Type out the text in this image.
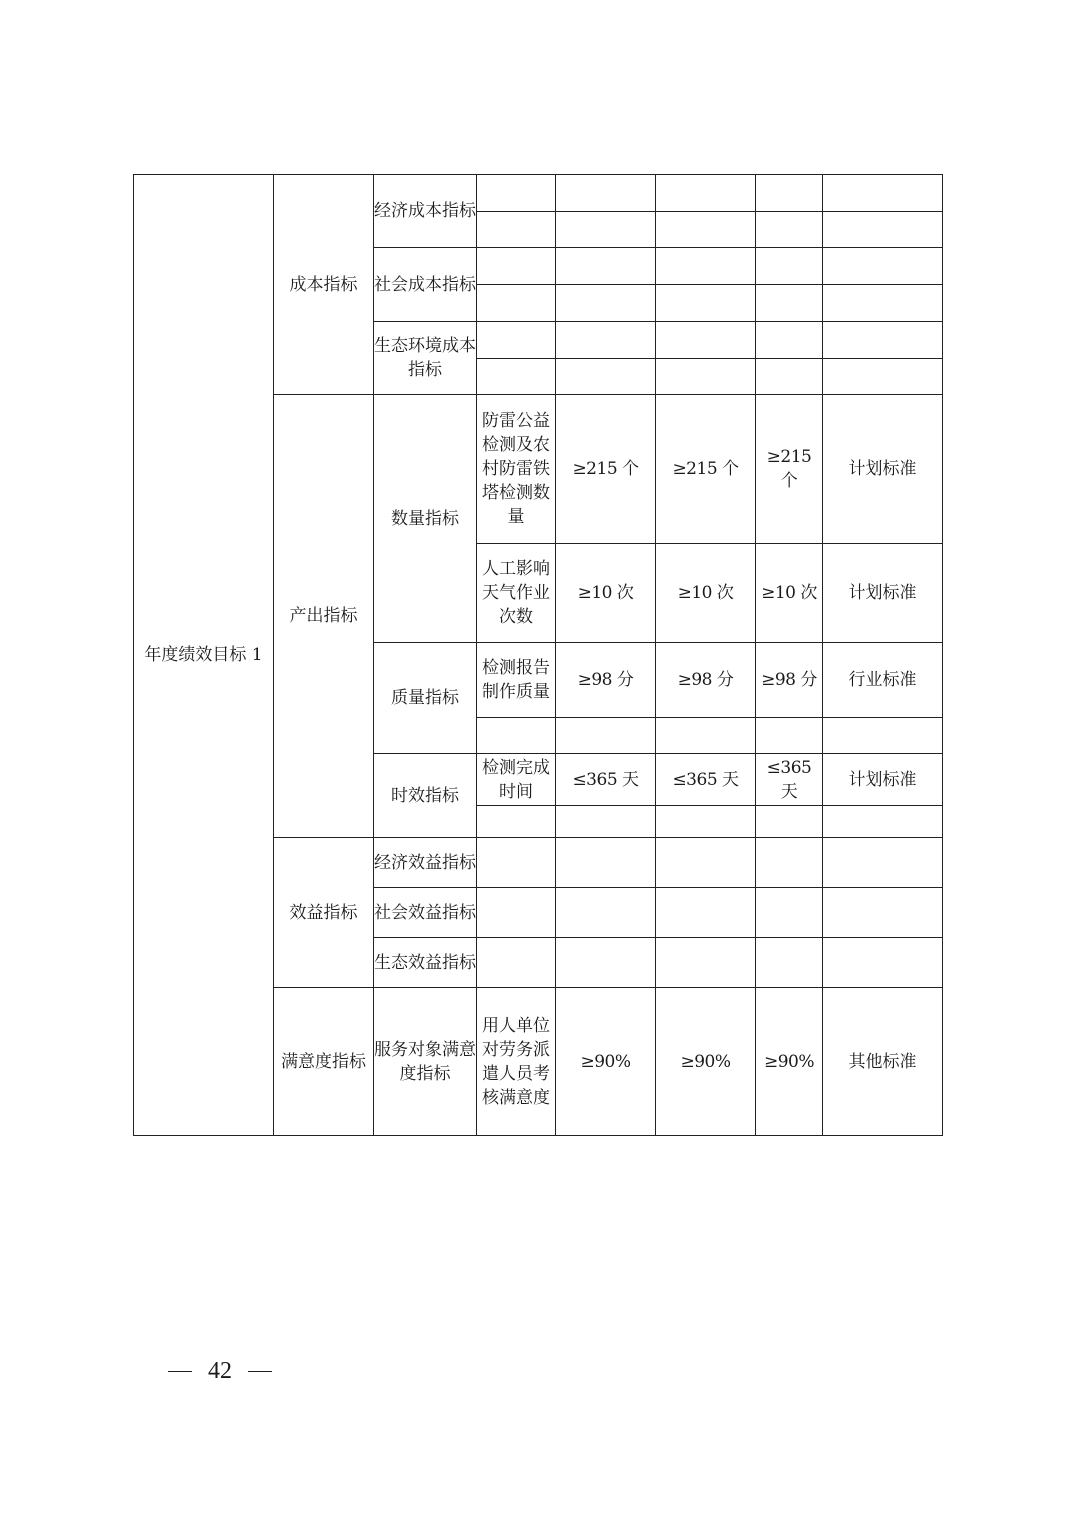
年度绩效目标 1	成本指标	经济成本指标					

		社会成本指标					

		生态环境成本指标					

	产出指标	数量指标	防雷公益检测及农村防雷铁塔检测数量	≥215 个	≥215 个	≥215 个	计划标准
			人工影响天气作业次数	≥10 次	≥10 次	≥10 次	计划标准
		质量指标	检测报告制作质量	≥98 分	≥98 分	≥98 分	行业标准

		时效指标	检测完成时间	≤365 天	≤365 天	≤365 天	计划标准

	效益指标	经济效益指标					
		社会效益指标					
		生态效益指标					
	满意度指标	服务对象满意度指标	用人单位对劳务派遣人员考核满意度	≥90%	≥90%	≥90%	其他标准
42
